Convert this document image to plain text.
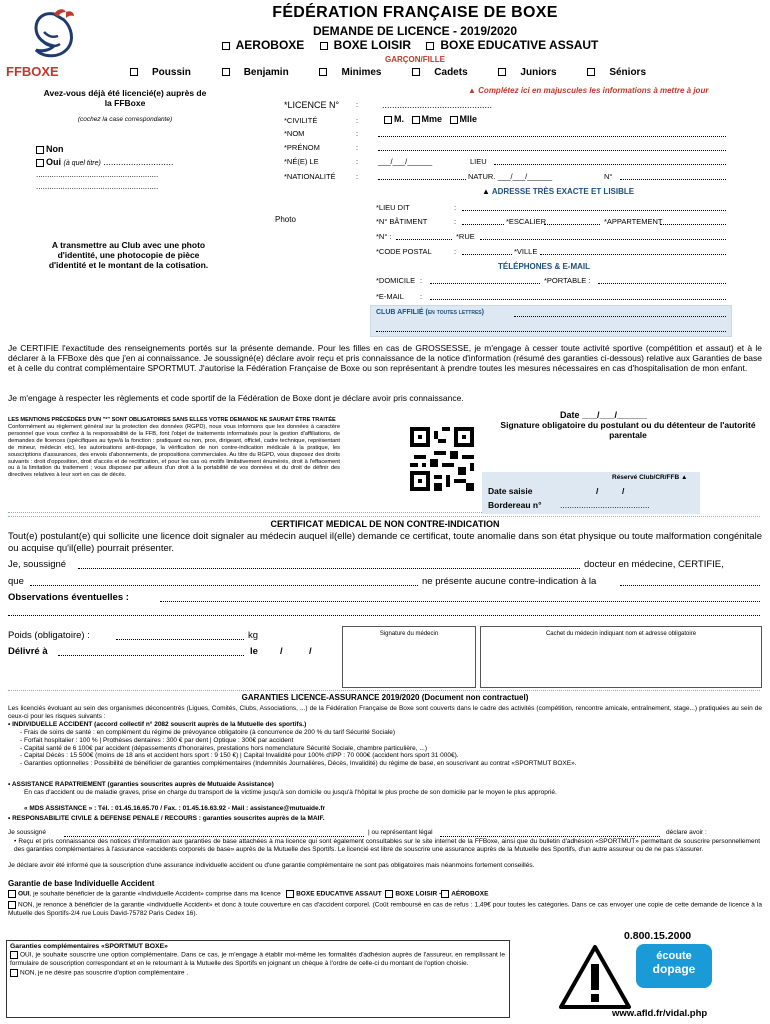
FFBOXE
FÉDÉRATION FRANÇAISE DE BOXE
DEMANDE DE LICENCE - 2019/2020
AEROBOXE BOXE LOISIR BOXE EDUCATIVE ASSAUT
GARÇON/FILLE
Poussin	Benjamin	Minimes	Cadets	Juniors	Séniors
Avez-vous déjà été licencié(e) auprès de la FFBoxe
(cochez la case correspondante)
Non
Oui (à quel titre) ............................
.......................................................
.......................................................
A transmettre au Club avec une photo d'identité, une photocopie de pièce d'identité et le montant de la cotisation.
Photo
▲ Complétez ici en majuscules les informations à mettre à jour
*LICENCE N° :	............................................
*CIVILITÉ	:	M. Mme Mlle
*NOM	:
*PRÉNOM	:
*NÉ(E) LE	:	___/___/______	LIEU
*NATIONALITÉ	:	NATUR. ___/___/______	N°
▲ ADRESSE TRÈS EXACTE ET LISIBLE
*LIEU DIT	:
*N° BÂTIMENT	:	*ESCALIER	*APPARTEMENT
*N° :	*RUE
*CODE POSTAL	:	*VILLE
TÉLÉPHONES & E-MAIL
*DOMICILE :	*PORTABLE :
*E-MAIL :
CLUB AFFILIÉ (en toutes lettres)
Je CERTIFIE l'exactitude des renseignements portés sur la présente demande. Pour les filles en cas de GROSSESSE, je m'engage à cesser toute activité sportive (compétition et assaut) et à le déclarer à la FFBoxe dès que j'en ai connaissance. Je soussigné(e) déclare avoir reçu et pris connaissance de la notice d'information (résumé des garanties ci-dessous) relative aux Garanties de base et à celle du contrat complémentaire SPORTMUT. J'autorise la Fédération Française de Boxe ou son représentant à prendre toutes les mesures nécessaires en cas d'hospitalisation de mon enfant.
Je m'engage à respecter les règlements et code sportif de la Fédération de Boxe dont je déclare avoir pris connaissance.
LES MENTIONS PRÉCÉDÉES D'UN "*" SONT OBLIGATOIRES SANS ELLES VOTRE DEMANDE NE SAURAIT ÊTRE TRAITÉE
Conformément au règlement général sur la protection des données (RGPD), nous vous informons que les données à caractère personnel que vous confiez à la responsabilité de la FFB, font l'objet de traitements informatisés pour la gestion d'affiliations, de demandes de licences (spécifiques au type/à la fonction : pratiquant ou non, pros, dirigeant, officiel, cadre technique, représentant de mineur, médecin etc), les autorisations anti-dopage, la vérification de non contre-indication médicale à la pratique, les souscriptions d'assurances, des envois d'abonnements, de propositions commerciales. Au titre du RGPD, vous disposez des droits suivants : droit d'opposition, droit d'accès et de rectification, et pour les cas où motifs limitativement énumérés, droit à l'effacement ou à la limitation du traitement ; vous disposez par ailleurs d'un droit à la portabilité de vos données et du droit de définir des directives relatives à leur sort en cas de décès.
Date ___/___/______
Signature obligatoire du postulant ou du détenteur de l'autorité parentale
Réservé Club/CR/FFB ▲
Date saisie	/          /
Bordereau n° ......................................
CERTIFICAT MEDICAL DE NON CONTRE-INDICATION
Tout(e) postulant(e) qui sollicite une licence doit signaler au médecin auquel il(elle) demande ce certificat, toute anomalie dans son état physique ou toute malformation congénitale ou acquise qu'il(elle) pourrait présenter.
Je, soussigné	docteur en médecine, CERTIFIE,
que	ne présente aucune contre-indication à la
Observations éventuelles :
Poids (obligatoire) :	kg
Délivré à	le /          /
Signature du médecin	Cachet du médecin indiquant nom et adresse obligatoire
GARANTIES LICENCE-ASSURANCE 2019/2020 (Document non contractuel)
Les licenciés évoluant au sein des organismes déconcentrés (Ligues, Comités, Clubs, Associations, ...) de la Fédération Française de Boxe sont couverts dans le cadre des activités (compétition, rencontre amicale, entraînement, stage...) pratiquées au sein de ceux-ci pour les risques suivants :
• INDIVIDUELLE ACCIDENT (accord collectif n° 2082 souscrit auprès de la Mutuelle des sportifs.)
- Frais de soins de santé : en complément du régime de prévoyance obligatoire (à concurrence de 200 % du tarif Sécurité Sociale)
- Forfait hospitalier : 100 % | Prothèses dentaires : 300 € par dent | Optique : 300€ par accident
- Capital santé de 6 100€ par accident (dépassements d'honoraires, prestations hors nomenclature Sécurité Sociale, chambre particulière, ...)
- Capital Décès : 15 500€ (moins de 18 ans et accident hors sport : 9 150 €) | Capital Invalidité pour 100% d'IPP : 70 000€ (accident hors sport 31 000€).
- Garanties optionnelles : Possibilité de bénéficier de garanties complémentaires (Indemnités Journalières, Décès, Invalidité) du régime de base, en souscrivant au contrat «SPORTMUT BOXE».
• ASSISTANCE RAPATRIEMENT (garanties souscrites auprès de Mutuaide Assistance)
En cas d'accident ou de maladie graves, prise en charge du transport de la victime jusqu'à son domicile ou jusqu'à l'hôpital le plus proche de son domicile par le moyen le plus approprié.
« MDS ASSISTANCE » : Tél. : 01.45.16.65.70 / Fax. : 01.45.16.63.92 - Mail : assistance@mutuaide.fr
• RESPONSABILITE CIVILE & DEFENSE PENALE / RECOURS : garanties souscrites auprès de la MAIF.
Je soussigné	| ou représentant légal	déclare avoir :
• Reçu et pris connaissance des notices d'information aux garanties de base attachées à ma licence qui sont également consultables sur le site internet de la FFBoxe, ainsi que du bulletin d'adhésion «SPORTMUT» permettant de souscrire personnellement des garanties complémentaires à l'assurance «accidents corporels de base» auprès de la Mutuelle des Sportifs. Le licencié est libre de souscrire une assurance auprès de la Mutuelle des Sportifs, d'un autre assureur ou de ne pas s'assurer.
Je déclare avoir été informé que la souscription d'une assurance individuelle accident ou d'une garantie complémentaire ne sont pas obligatoires mais néanmoins fortement conseillés.
Garantie de base Individuelle Accident
OUI, je souhaite bénéficier de la garantie «Individuelle Accident» comprise dans ma licence BOXE EDUCATIVE ASSAUT BOXE LOISIR - AÉROBOXE
NON, je renonce à bénéficier de la garantie «individuelle Accident» et donc à toute couverture en cas d'accident corporel. (Coût remboursé en cas de refus : 1,49€ pour toutes les catégories. Dans ce cas envoyer une copie de cette demande de licence à la Mutuelle des Sportifs-2/4 rue Louis David-75782 Paris Cedex 16).
Garanties complémentaires «SPORTMUT BOXE»
OUI, je souhaite souscrire une option complémentaire. Dans ce cas, je m'engage à établir moi-même les formalités d'adhésion auprès de l'assureur, en remplissant le formulaire de souscription correspondant et en le retournant à la Mutuelle des Sportifs en joignant un chèque à l'ordre de celle-ci du montant de l'option choisie.
NON, je ne désire pas souscrire d'option complémentaire .
0.800.15.2000
écoute
dopage
www.afld.fr/vidal.php
